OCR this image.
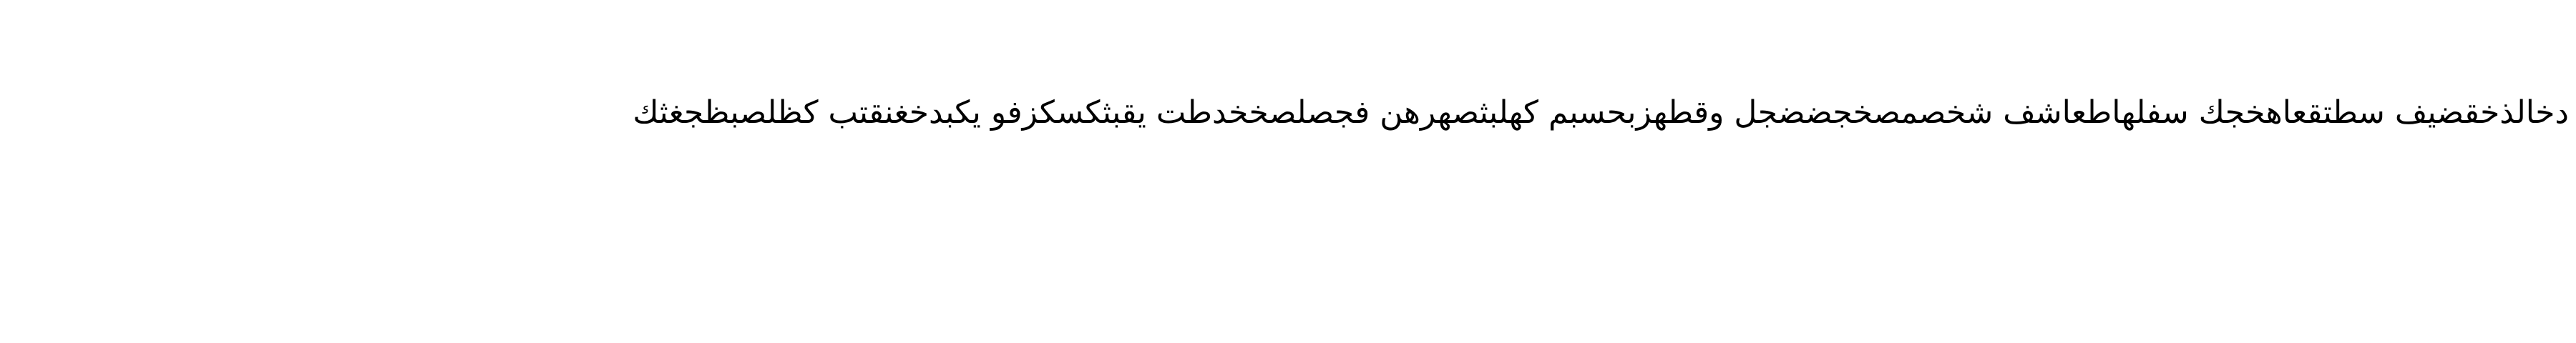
دخالذخقضيف سطتقعاهخجك سفلهاطعاشف شخصمصخجضضجل وقطهزبحسبم كهلبثصهرهن فجصلصخخدطت يقبثكسكزفو يكبدخغنقتب كظلصبظجغثك
